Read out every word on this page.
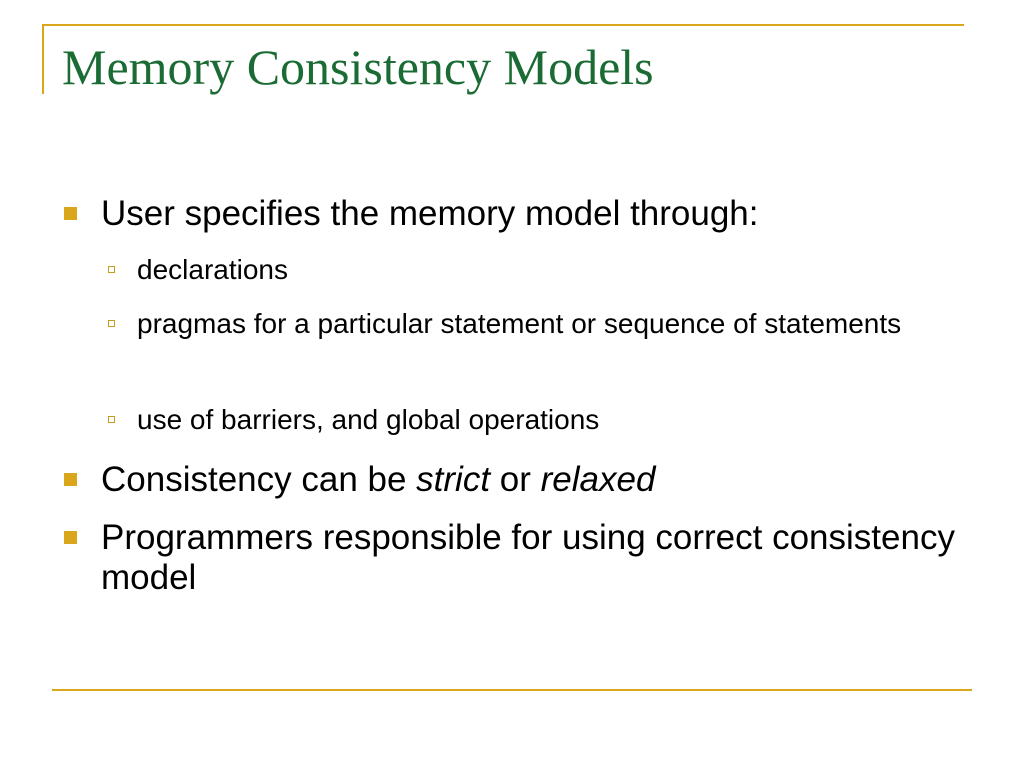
Memory Consistency Models
User specifies the memory model through:
declarations
pragmas for a particular statement or sequence of statements
use of barriers, and global operations
Consistency can be strict or relaxed
Programmers responsible for using correct consistency model
